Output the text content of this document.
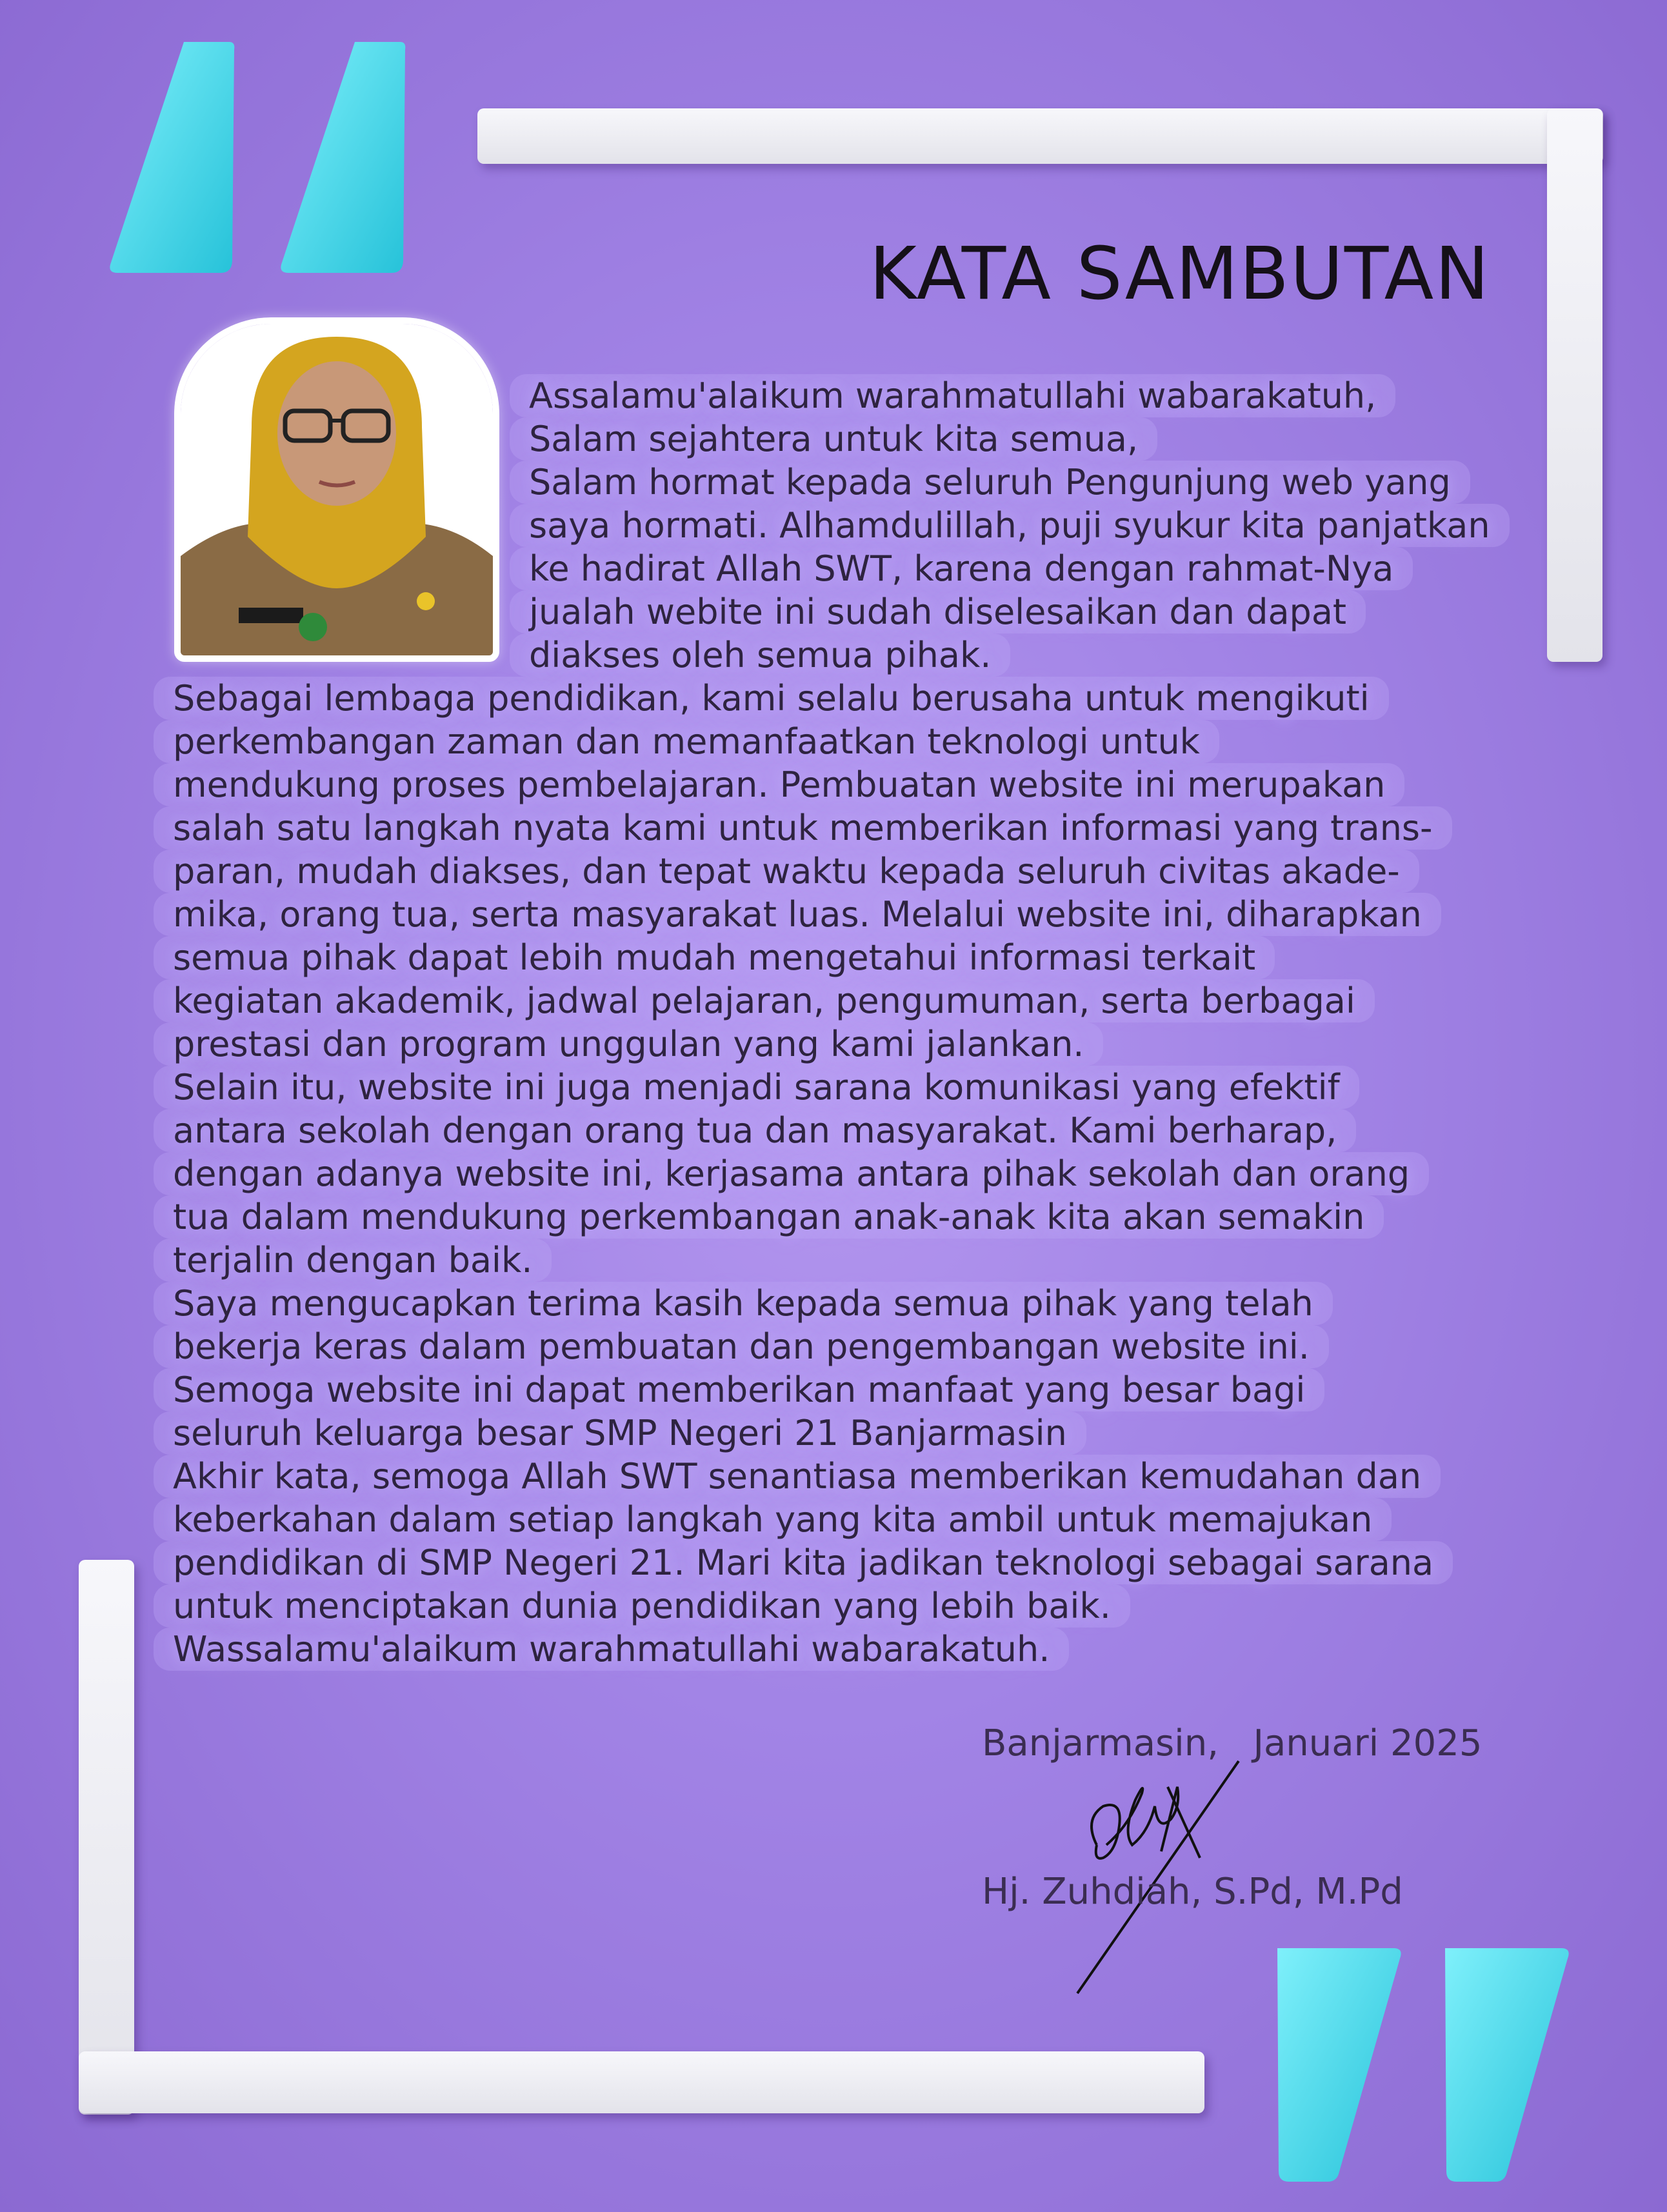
KATA SAMBUTAN
Assalamu'alaikum warahmatullahi wabarakatuh,
Salam sejahtera untuk kita semua,
Salam hormat kepada seluruh Pengunjung web yang
saya hormati. Alhamdulillah, puji syukur kita panjatkan
ke hadirat Allah SWT, karena dengan rahmat-Nya
jualah webite ini sudah diselesaikan dan dapat
diakses oleh semua pihak.
Sebagai lembaga pendidikan, kami selalu berusaha untuk mengikuti
perkembangan zaman dan memanfaatkan teknologi untuk
mendukung proses pembelajaran. Pembuatan website ini merupakan
salah satu langkah nyata kami untuk memberikan informasi yang trans-
paran, mudah diakses, dan tepat waktu kepada seluruh civitas akade-
mika, orang tua, serta masyarakat luas. Melalui website ini, diharapkan
semua pihak dapat lebih mudah mengetahui informasi terkait
kegiatan akademik, jadwal pelajaran, pengumuman, serta berbagai
prestasi dan program unggulan yang kami jalankan.
Selain itu, website ini juga menjadi sarana komunikasi yang efektif
antara sekolah dengan orang tua dan masyarakat. Kami berharap,
dengan adanya website ini, kerjasama antara pihak sekolah dan orang
tua dalam mendukung perkembangan anak-anak kita akan semakin
terjalin dengan baik.
Saya mengucapkan terima kasih kepada semua pihak yang telah
bekerja keras dalam pembuatan dan pengembangan website ini.
Semoga website ini dapat memberikan manfaat yang besar bagi
seluruh keluarga besar SMP Negeri 21 Banjarmasin
Akhir kata, semoga Allah SWT senantiasa memberikan kemudahan dan
keberkahan dalam setiap langkah yang kita ambil untuk memajukan
pendidikan di SMP Negeri 21. Mari kita jadikan teknologi sebagai sarana
untuk menciptakan dunia pendidikan yang lebih baik.
Wassalamu'alaikum warahmatullahi wabarakatuh.

Banjarmasin,   Januari 2025

Hj. Zuhdiah, S.Pd, M.Pd
